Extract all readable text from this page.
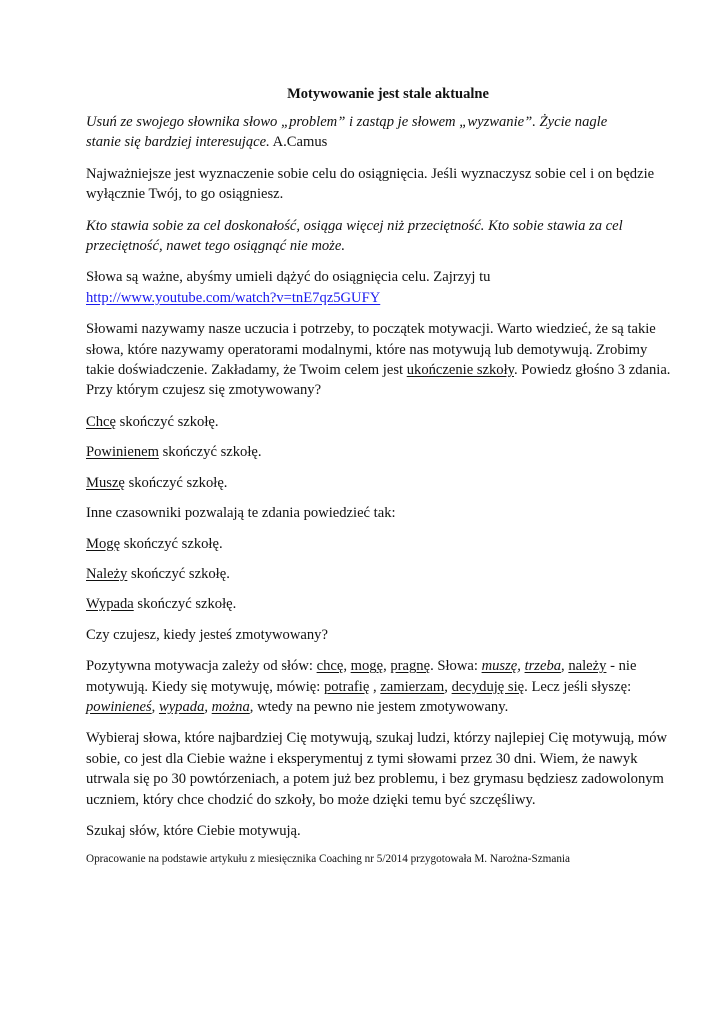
Motywowanie jest stale aktualne
Usuń ze swojego słownika słowo „problem” i zastąp je słowem „wyzwanie”. Życie nagle
stanie się bardziej interesujące. A.Camus
Najważniejsze jest wyznaczenie sobie celu do osiągnięcia. Jeśli wyznaczysz sobie cel i on będzie
wyłącznie Twój, to go osiągniesz.
Kto stawia sobie za cel doskonałość, osiąga więcej niż przeciętność. Kto sobie stawia za cel
przeciętność, nawet tego osiągnąć nie może.
Słowa są ważne, abyśmy umieli dążyć do osiągnięcia celu. Zajrzyj tu
http://www.youtube.com/watch?v=tnE7qz5GUFY
Słowami nazywamy nasze uczucia i potrzeby, to początek motywacji. Warto wiedzieć, że są takie
słowa, które nazywamy operatorami modalnymi, które nas motywują lub demotywują. Zrobimy
takie doświadczenie. Zakładamy, że Twoim celem jest ukończenie szkoły. Powiedz głośno 3 zdania.
Przy którym czujesz się zmotywowany?
Chcę skończyć szkołę.
Powinienem skończyć szkołę.
Muszę skończyć szkołę.
Inne czasowniki pozwalają te zdania powiedzieć tak:
Mogę skończyć szkołę.
Należy skończyć szkołę.
Wypada skończyć szkołę.
Czy czujesz, kiedy jesteś zmotywowany?
Pozytywna motywacja zależy od słów: chcę, mogę, pragnę. Słowa: muszę, trzeba, należy - nie
motywują. Kiedy się motywuję, mówię: potrafię , zamierzam, decyduję się. Lecz jeśli słyszę:
powinieneś, wypada, można, wtedy na pewno nie jestem zmotywowany.
Wybieraj słowa, które najbardziej Cię motywują, szukaj ludzi, którzy najlepiej Cię motywują, mów
sobie, co jest dla Ciebie ważne i eksperymentuj z tymi słowami przez 30 dni. Wiem, że nawyk
utrwala się po 30 powtórzeniach, a potem już bez problemu, i bez grymasu będziesz zadowolonym
uczniem, który chce chodzić do szkoły, bo może dzięki temu być szczęśliwy.
Szukaj słów, które Ciebie motywują.
Opracowanie na podstawie artykułu z miesięcznika Coaching nr 5/2014 przygotowała M. Narożna-Szmania
